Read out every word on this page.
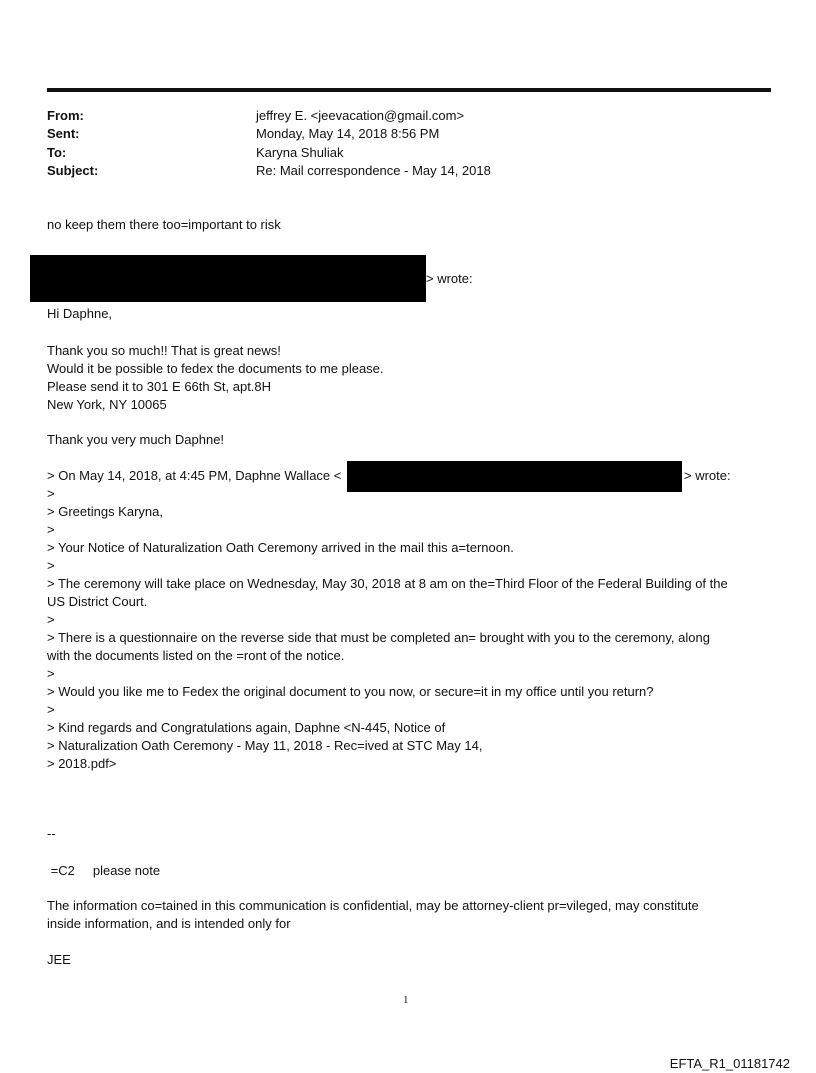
From:	jeffrey E. <jeevacation@gmail.com>
Sent:	Monday, May 14, 2018 8:56 PM
To:	Karyna Shuliak
Subject:	Re: Mail correspondence - May 14, 2018
no keep them there too=important to risk
> wrote:
Hi Daphne,
Thank you so much!! That is great news!
Would it be possible to fedex the documents to me please.
Please send it to 301 E 66th St, apt.8H
New York, NY 10065
Thank you very much Daphne!
> On May 14, 2018, at 4:45 PM, Daphne Wallace <	> wrote:
>
> Greetings Karyna,
>
> Your Notice of Naturalization Oath Ceremony arrived in the mail this a=ternoon.
>
> The ceremony will take place on Wednesday, May 30, 2018 at 8 am on the=Third Floor of the Federal Building of the
US District Court.
>
> There is a questionnaire on the reverse side that must be completed an= brought with you to the ceremony, along
with the documents listed on the =ront of the notice.
>
> Would you like me to Fedex the original document to you now, or secure=it in my office until you return?
>
> Kind regards and Congratulations again, Daphne <N-445, Notice of
> Naturalization Oath Ceremony - May 11, 2018 - Rec=ived at STC May 14,
> 2018.pdf>
--
=C2     please note
The information co=tained in this communication is confidential, may be attorney-client pr=vileged, may constitute
inside information, and is intended only for
JEE
1
EFTA_R1_01181742
